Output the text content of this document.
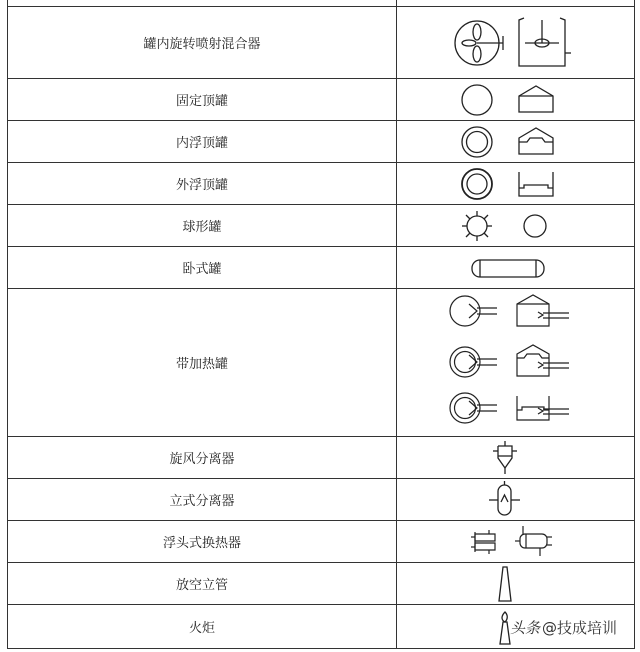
罐内旋转喷射混合器	

固定顶罐	

内浮顶罐	

外浮顶罐	

球形罐	

卧式罐	

带加热罐	

旋风分离器	

立式分离器	

浮头式换热器	

放空立管	

火炬		头条 @技成培训
